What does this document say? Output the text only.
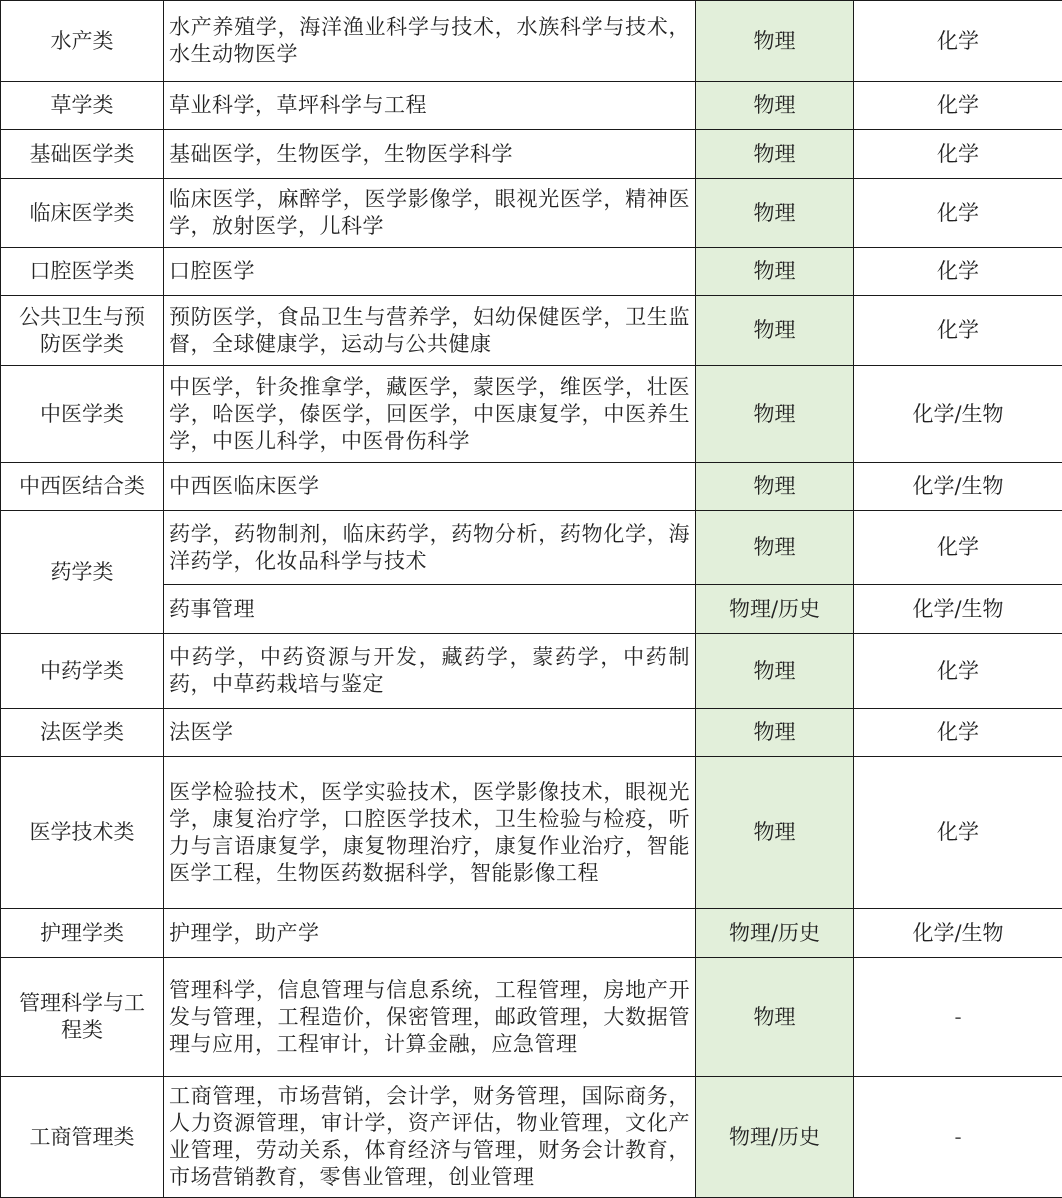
水产类	水产养殖学，海洋渔业科学与技术，水族科学与技术，水生动物医学	物理	化学
草学类	草业科学，草坪科学与工程	物理	化学
基础医学类	基础医学，生物医学，生物医学科学	物理	化学
临床医学类	临床医学，麻醉学，医学影像学，眼视光医学，精神医学，放射医学，儿科学	物理	化学
口腔医学类	口腔医学	物理	化学
公共卫生与预防医学类	预防医学，食品卫生与营养学，妇幼保健医学，卫生监督，全球健康学，运动与公共健康	物理	化学
中医学类	中医学，针灸推拿学，藏医学，蒙医学，维医学，壮医学，哈医学，傣医学，回医学，中医康复学，中医养生学，中医儿科学，中医骨伤科学	物理	化学/生物
中西医结合类	中西医临床医学	物理	化学/生物
药学类	药学，药物制剂，临床药学，药物分析，药物化学，海洋药学，化妆品科学与技术	物理	化学
	药事管理	物理/历史	化学/生物
中药学类	中药学，中药资源与开发，藏药学，蒙药学，中药制药，中草药栽培与鉴定	物理	化学
法医学类	法医学	物理	化学
医学技术类	医学检验技术，医学实验技术，医学影像技术，眼视光学，康复治疗学，口腔医学技术，卫生检验与检疫，听力与言语康复学，康复物理治疗，康复作业治疗，智能医学工程，生物医药数据科学，智能影像工程	物理	化学
护理学类	护理学，助产学	物理/历史	化学/生物
管理科学与工程类	管理科学，信息管理与信息系统，工程管理，房地产开发与管理，工程造价，保密管理，邮政管理，大数据管理与应用，工程审计，计算金融，应急管理	物理	-
工商管理类	工商管理，市场营销，会计学，财务管理，国际商务，人力资源管理，审计学，资产评估，物业管理，文化产业管理，劳动关系，体育经济与管理，财务会计教育，市场营销教育，零售业管理，创业管理	物理/历史	-
